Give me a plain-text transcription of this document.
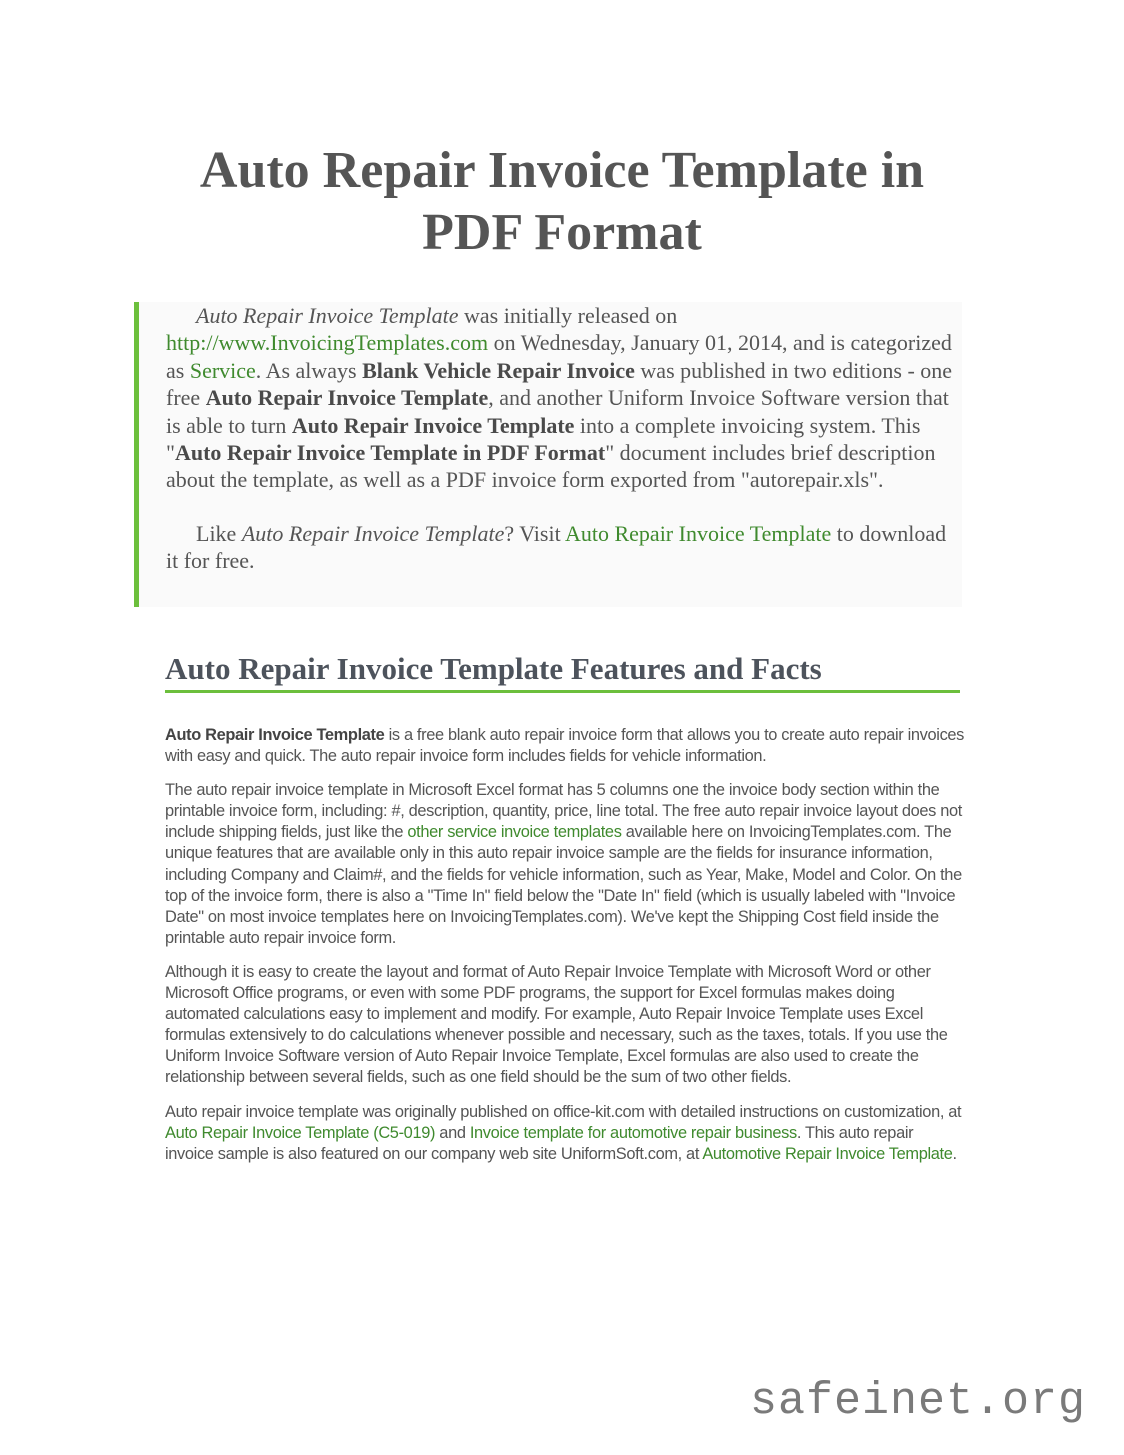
Auto Repair Invoice Template in
PDF Format

Auto Repair Invoice Template was initially released on http://www.InvoicingTemplates.com on Wednesday, January 01, 2014, and is categorized as Service. As always Blank Vehicle Repair Invoice was published in two editions - one free Auto Repair Invoice Template, and another Uniform Invoice Software version that is able to turn Auto Repair Invoice Template into a complete invoicing system. This "Auto Repair Invoice Template in PDF Format" document includes brief description about the template, as well as a PDF invoice form exported from "autorepair.xls".

Like Auto Repair Invoice Template? Visit Auto Repair Invoice Template to download it for free.

Auto Repair Invoice Template Features and Facts

Auto Repair Invoice Template is a free blank auto repair invoice form that allows you to create auto repair invoices with easy and quick. The auto repair invoice form includes fields for vehicle information.

The auto repair invoice template in Microsoft Excel format has 5 columns one the invoice body section within the printable invoice form, including: #, description, quantity, price, line total. The free auto repair invoice layout does not include shipping fields, just like the other service invoice templates available here on InvoicingTemplates.com. The unique features that are available only in this auto repair invoice sample are the fields for insurance information, including Company and Claim#, and the fields for vehicle information, such as Year, Make, Model and Color. On the top of the invoice form, there is also a "Time In" field below the "Date In" field (which is usually labeled with "Invoice Date" on most invoice templates here on InvoicingTemplates.com). We've kept the Shipping Cost field inside the printable auto repair invoice form.

Although it is easy to create the layout and format of Auto Repair Invoice Template with Microsoft Word or other Microsoft Office programs, or even with some PDF programs, the support for Excel formulas makes doing automated calculations easy to implement and modify. For example, Auto Repair Invoice Template uses Excel formulas extensively to do calculations whenever possible and necessary, such as the taxes, totals. If you use the Uniform Invoice Software version of Auto Repair Invoice Template, Excel formulas are also used to create the relationship between several fields, such as one field should be the sum of two other fields.

Auto repair invoice template was originally published on office-kit.com with detailed instructions on customization, at Auto Repair Invoice Template (C5-019) and Invoice template for automotive repair business. This auto repair invoice sample is also featured on our company web site UniformSoft.com, at Automotive Repair Invoice Template.

safeinet.org
